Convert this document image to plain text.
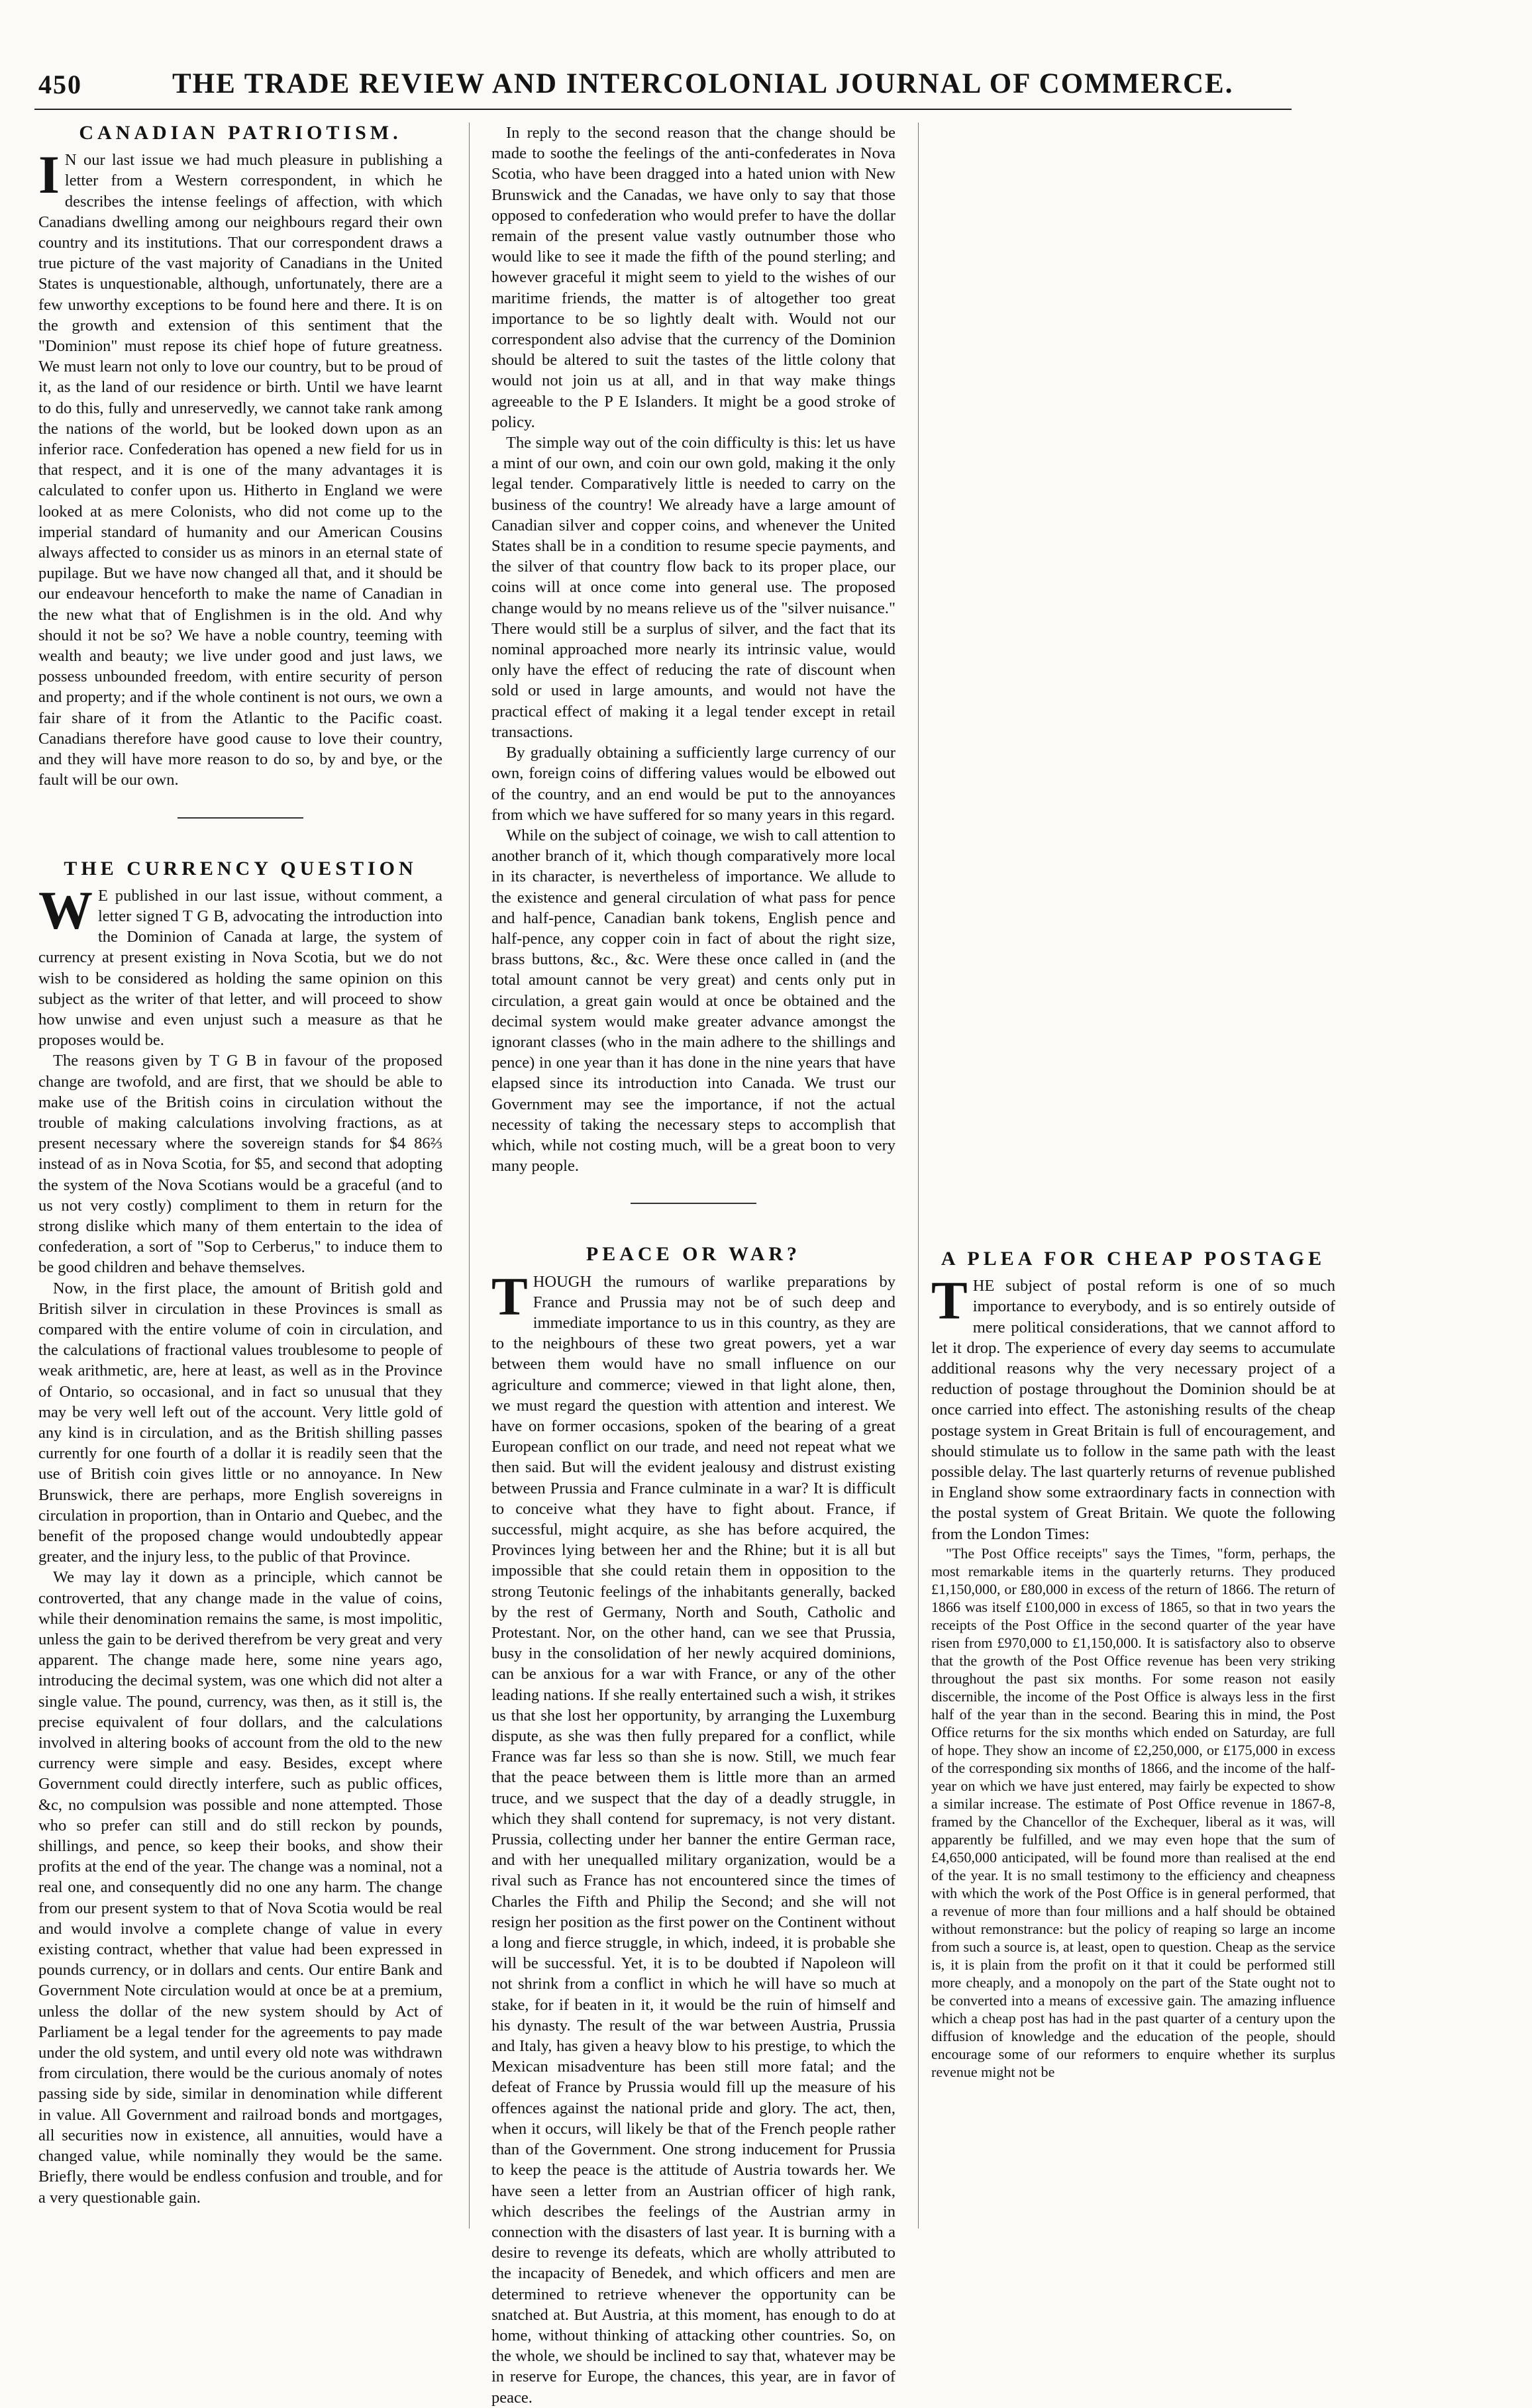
450	THE TRADE REVIEW AND INTERCOLONIAL JOURNAL OF COMMERCE.
CANADIAN PATRIOTISM.

I N our last issue we had much pleasure in publishing a letter from a Western correspondent, in which he describes the intense feelings of affection, with which Canadians dwelling among our neighbours regard their own country and its institutions. That our correspondent draws a true picture of the vast majority of Canadians in the United States is unquestionable, although, unfortunately, there are a few unworthy exceptions to be found here and there. It is on the growth and extension of this sentiment that the "Dominion" must repose its chief hope of future greatness. We must learn not only to love our country, but to be proud of it, as the land of our residence or birth. Until we have learnt to do this, fully and unreservedly, we cannot take rank among the nations of the world, but be looked down upon as an inferior race. Confederation has opened a new field for us in that respect, and it is one of the many advantages it is calculated to confer upon us. Hitherto in England we were looked at as mere Colonists, who did not come up to the imperial standard of humanity and our American Cousins always affected to consider us as minors in an eternal state of pupilage. But we have now changed all that, and it should be our endeavour henceforth to make the name of Canadian in the new what that of Englishmen is in the old. And why should it not be so? We have a noble country, teeming with wealth and beauty; we live under good and just laws, we possess unbounded freedom, with entire security of person and property; and if the whole continent is not ours, we own a fair share of it from the Atlantic to the Pacific coast. Canadians therefore have good cause to love their country, and they will have more reason to do so, by and bye, or the fault will be our own.

THE CURRENCY QUESTION

W E published in our last issue, without comment, a letter signed T G B, advocating the introduction into the Dominion of Canada at large, the system of currency at present existing in Nova Scotia, but we do not wish to be considered as holding the same opinion on this subject as the writer of that letter, and will proceed to show how unwise and even unjust such a measure as that he proposes would be.

The reasons given by T G B in favour of the proposed change are twofold, and are first, that we should be able to make use of the British coins in circulation without the trouble of making calculations involving fractions, as at present necessary where the sovereign stands for $4 86⅔ instead of as in Nova Scotia, for $5, and second that adopting the system of the Nova Scotians would be a graceful (and to us not very costly) compliment to them in return for the strong dislike which many of them entertain to the idea of confederation, a sort of "Sop to Cerberus," to induce them to be good children and behave themselves.

Now, in the first place, the amount of British gold and British silver in circulation in these Provinces is small as compared with the entire volume of coin in circulation, and the calculations of fractional values troublesome to people of weak arithmetic, are, here at least, as well as in the Province of Ontario, so occasional, and in fact so unusual that they may be very well left out of the account. Very little gold of any kind is in circulation, and as the British shilling passes currently for one fourth of a dollar it is readily seen that the use of British coin gives little or no annoyance. In New Brunswick, there are perhaps, more English sovereigns in circulation in proportion, than in Ontario and Quebec, and the benefit of the proposed change would undoubtedly appear greater, and the injury less, to the public of that Province.

We may lay it down as a principle, which cannot be controverted, that any change made in the value of coins, while their denomination remains the same, is most impolitic, unless the gain to be derived therefrom be very great and very apparent. The change made here, some nine years ago, introducing the decimal system, was one which did not alter a single value. The pound, currency, was then, as it still is, the precise equivalent of four dollars, and the calculations involved in altering books of account from the old to the new currency were simple and easy. Besides, except where Government could directly interfere, such as public offices, &c, no compulsion was possible and none attempted. Those who so prefer can still and do still reckon by pounds, shillings, and pence, so keep their books, and show their profits at the end of the year. The change was a nominal, not a real one, and consequently did no one any harm. The change from our present system to that of Nova Scotia would be real and would involve a complete change of value in every existing contract, whether that value had been expressed in pounds currency, or in dollars and cents. Our entire Bank and Government Note circulation would at once be at a premium, unless the dollar of the new system should by Act of Parliament be a legal tender for the agreements to pay made under the old system, and until every old note was withdrawn from circulation, there would be the curious anomaly of notes passing side by side, similar in denomination while different in value. All Government and railroad bonds and mortgages, all securities now in existence, all annuities, would have a changed value, while nominally they would be the same. Briefly, there would be endless confusion and trouble, and for a very questionable gain.

In reply to the second reason that the change should be made to soothe the feelings of the anti-confederates in Nova Scotia, who have been dragged into a hated union with New Brunswick and the Canadas, we have only to say that those opposed to confederation who would prefer to have the dollar remain of the present value vastly outnumber those who would like to see it made the fifth of the pound sterling; and however graceful it might seem to yield to the wishes of our maritime friends, the matter is of altogether too great importance to be so lightly dealt with. Would not our correspondent also advise that the currency of the Dominion should be altered to suit the tastes of the little colony that would not join us at all, and in that way make things agreeable to the P E Islanders. It might be a good stroke of policy.

The simple way out of the coin difficulty is this: let us have a mint of our own, and coin our own gold, making it the only legal tender. Comparatively little is needed to carry on the business of the country! We already have a large amount of Canadian silver and copper coins, and whenever the United States shall be in a condition to resume specie payments, and the silver of that country flow back to its proper place, our coins will at once come into general use. The proposed change would by no means relieve us of the "silver nuisance." There would still be a surplus of silver, and the fact that its nominal approached more nearly its intrinsic value, would only have the effect of reducing the rate of discount when sold or used in large amounts, and would not have the practical effect of making it a legal tender except in retail transactions.

By gradually obtaining a sufficiently large currency of our own, foreign coins of differing values would be elbowed out of the country, and an end would be put to the annoyances from which we have suffered for so many years in this regard.

While on the subject of coinage, we wish to call attention to another branch of it, which though comparatively more local in its character, is nevertheless of importance. We allude to the existence and general circulation of what pass for pence and half-pence, Canadian bank tokens, English pence and half-pence, any copper coin in fact of about the right size, brass buttons, &c., &c. Were these once called in (and the total amount cannot be very great) and cents only put in circulation, a great gain would at once be obtained and the decimal system would make greater advance amongst the ignorant classes (who in the main adhere to the shillings and pence) in one year than it has done in the nine years that have elapsed since its introduction into Canada. We trust our Government may see the importance, if not the actual necessity of taking the necessary steps to accomplish that which, while not costing much, will be a great boon to very many people.

PEACE OR WAR?

THOUGH the rumours of warlike preparations by France and Prussia may not be of such deep and immediate importance to us in this country, as they are to the neighbours of these two great powers, yet a war between them would have no small influence on our agriculture and commerce; viewed in that light alone, then, we must regard the question with attention and interest. We have on former occasions, spoken of the bearing of a great European conflict on our trade, and need not repeat what we then said. But will the evident jealousy and distrust existing between Prussia and France culminate in a war? It is difficult to conceive what they have to fight about. France, if successful, might acquire, as she has before acquired, the Provinces lying between her and the Rhine; but it is all but impossible that she could retain them in opposition to the strong Teutonic feelings of the inhabitants generally, backed by the rest of Germany, North and South, Catholic and Protestant. Nor, on the other hand, can we see that Prussia, busy in the consolidation of her newly acquired dominions, can be anxious for a war with France, or any of the other leading nations. If she really entertained such a wish, it strikes us that she lost her opportunity, by arranging the Luxemburg dispute, as she was then fully prepared for a conflict, while France was far less so than she is now. Still, we much fear that the peace between them is little more than an armed truce, and we suspect that the day of a deadly struggle, in which they shall contend for supremacy, is not very distant. Prussia, collecting under her banner the entire German race, and with her unequalled military organization, would be a rival such as France has not encountered since the times of Charles the Fifth and Philip the Second; and she will not resign her position as the first power on the Continent without a long and fierce struggle, in which, indeed, it is probable she will be successful. Yet, it is to be doubted if Napoleon will not shrink from a conflict in which he will have so much at stake, for if beaten in it, it would be the ruin of himself and his dynasty. The result of the war between Austria, Prussia and Italy, has given a heavy blow to his prestige, to which the Mexican misadventure has been still more fatal; and the defeat of France by Prussia would fill up the measure of his offences against the national pride and glory. The act, then, when it occurs, will likely be that of the French people rather than of the Government. One strong inducement for Prussia to keep the peace is the attitude of Austria towards her. We have seen a letter from an Austrian officer of high rank, which describes the feelings of the Austrian army in connection with the disasters of last year. It is burning with a desire to revenge its defeats, which are wholly attributed to the incapacity of Benedek, and which officers and men are determined to retrieve whenever the opportunity can be snatched at. But Austria, at this moment, has enough to do at home, without thinking of attacking other countries. So, on the whole, we should be inclined to say that, whatever may be in reserve for Europe, the chances, this year, are in favor of peace.

A PLEA FOR CHEAP POSTAGE

THE subject of postal reform is one of so much importance to everybody, and is so entirely outside of mere political considerations, that we cannot afford to let it drop. The experience of every day seems to accumulate additional reasons why the very necessary project of a reduction of postage throughout the Dominion should be at once carried into effect. The astonishing results of the cheap postage system in Great Britain is full of encouragement, and should stimulate us to follow in the same path with the least possible delay. The last quarterly returns of revenue published in England show some extraordinary facts in connection with the postal system of Great Britain. We quote the following from the London Times:

"The Post Office receipts" says the Times, "form, perhaps, the most remarkable items in the quarterly returns. They produced £1,150,000, or £80,000 in excess of the return of 1866. The return of 1866 was itself £100,000 in excess of 1865, so that in two years the receipts of the Post Office in the second quarter of the year have risen from £970,000 to £1,150,000. It is satisfactory also to observe that the growth of the Post Office revenue has been very striking throughout the past six months. For some reason not easily discernible, the income of the Post Office is always less in the first half of the year than in the second. Bearing this in mind, the Post Office returns for the six months which ended on Saturday, are full of hope. They show an income of £2,250,000, or £175,000 in excess of the corresponding six months of 1866, and the income of the half-year on which we have just entered, may fairly be expected to show a similar increase. The estimate of Post Office revenue in 1867-8, framed by the Chancellor of the Exchequer, liberal as it was, will apparently be fulfilled, and we may even hope that the sum of £4,650,000 anticipated, will be found more than realised at the end of the year. It is no small testimony to the efficiency and cheapness with which the work of the Post Office is in general performed, that a revenue of more than four millions and a half should be obtained without remonstrance: but the policy of reaping so large an income from such a source is, at least, open to question. Cheap as the service is, it is plain from the profit on it that it could be performed still more cheaply, and a monopoly on the part of the State ought not to be converted into a means of excessive gain. The amazing influence which a cheap post has had in the past quarter of a century upon the diffusion of knowledge and the education of the people, should encourage some of our reformers to enquire whether its surplus revenue might not be
